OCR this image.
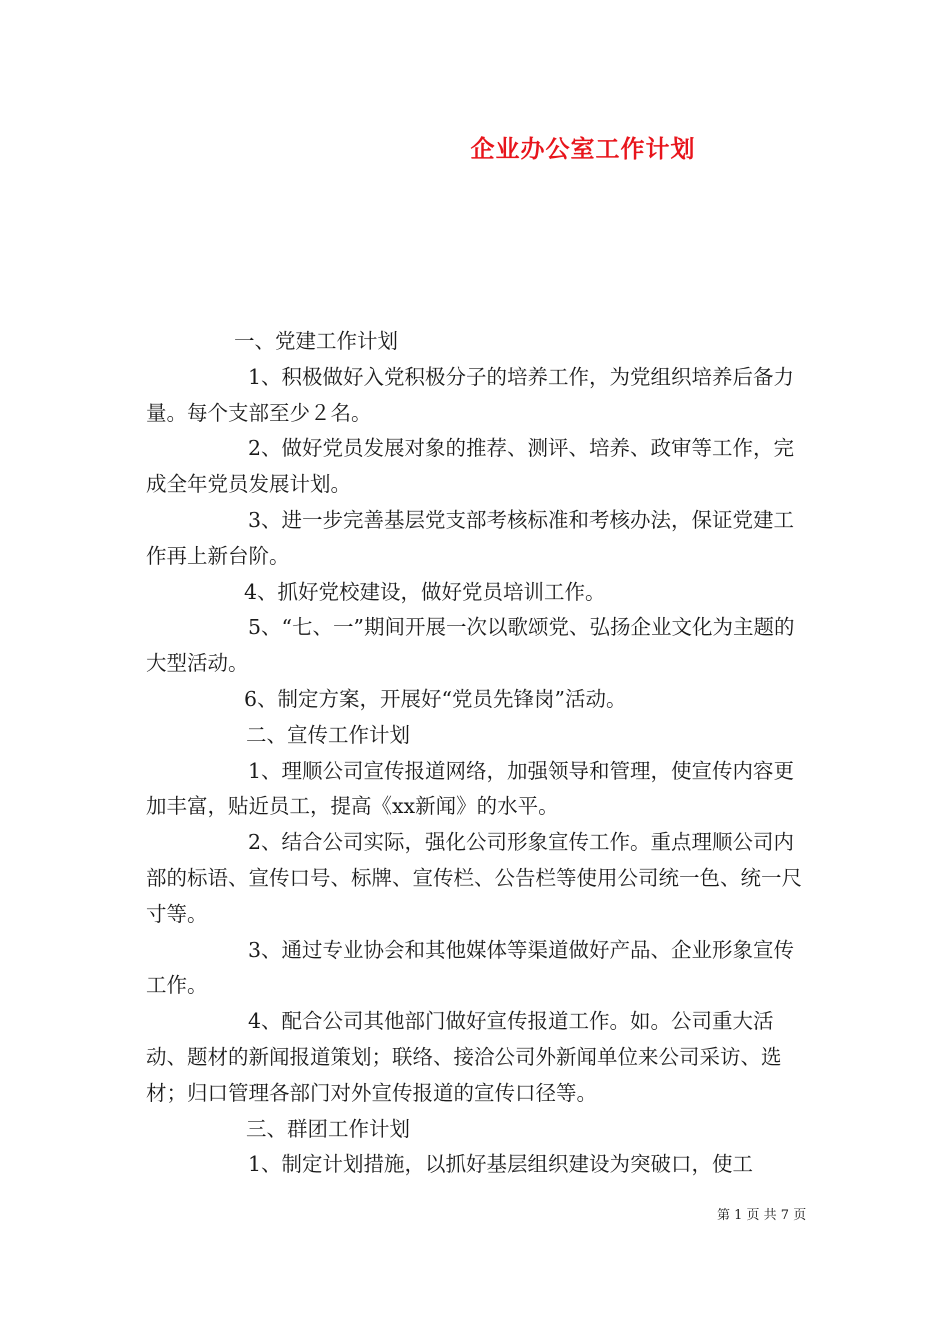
企业办公室工作计划

一、党建工作计划

1、积极做好入党积极分子的培养工作，为党组织培养后备力量。每个支部至少２名。

2、做好党员发展对象的推荐、测评、培养、政审等工作，完成全年党员发展计划。

3、进一步完善基层党支部考核标准和考核办法，保证党建工作再上新台阶。

4、抓好党校建设，做好党员培训工作。

5、“七、一”期间开展一次以歌颂党、弘扬企业文化为主题的大型活动。

6、制定方案，开展好“党员先锋岗”活动。

二、宣传工作计划

1、理顺公司宣传报道网络，加强领导和管理，使宣传内容更加丰富，贴近员工，提高《xx新闻》的水平。

2、结合公司实际，强化公司形象宣传工作。重点理顺公司内部的标语、宣传口号、标牌、宣传栏、公告栏等使用公司统一色、统一尺寸等。

3、通过专业协会和其他媒体等渠道做好产品、企业形象宣传工作。

4、配合公司其他部门做好宣传报道工作。如。公司重大活动、题材的新闻报道策划；联络、接洽公司外新闻单位来公司采访、选材；归口管理各部门对外宣传报道的宣传口径等。

三、群团工作计划

1、制定计划措施，以抓好基层组织建设为突破口，使工

第 1 页 共 7 页
